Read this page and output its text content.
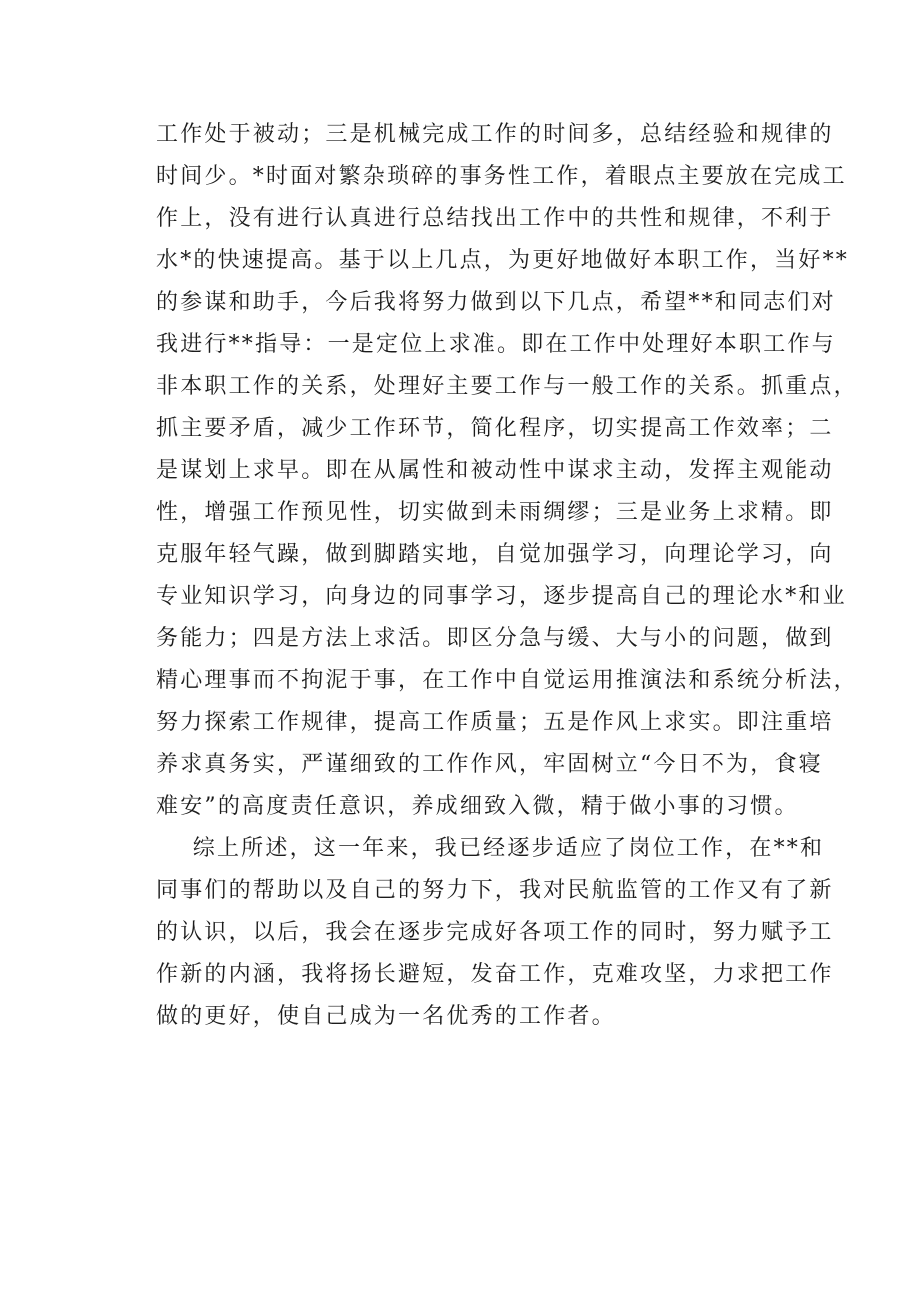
工作处于被动；三是机械完成工作的时间多，总结经验和规律的
时间少。*时面对繁杂琐碎的事务性工作，着眼点主要放在完成工
作上，没有进行认真进行总结找出工作中的共性和规律，不利于
水*的快速提高。基于以上几点，为更好地做好本职工作，当好**
的参谋和助手，今后我将努力做到以下几点，希望**和同志们对
我进行**指导：一是定位上求准。即在工作中处理好本职工作与
非本职工作的关系，处理好主要工作与一般工作的关系。抓重点，
抓主要矛盾，减少工作环节，简化程序，切实提高工作效率；二
是谋划上求早。即在从属性和被动性中谋求主动，发挥主观能动
性，增强工作预见性，切实做到未雨绸缪；三是业务上求精。即
克服年轻气躁，做到脚踏实地，自觉加强学习，向理论学习，向
专业知识学习，向身边的同事学习，逐步提高自己的理论水*和业
务能力；四是方法上求活。即区分急与缓、大与小的问题，做到
精心理事而不拘泥于事，在工作中自觉运用推演法和系统分析法，
努力探索工作规律，提高工作质量；五是作风上求实。即注重培
养求真务实，严谨细致的工作作风，牢固树立“今日不为，食寝
难安”的高度责任意识，养成细致入微，精于做小事的习惯。
综上所述，这一年来，我已经逐步适应了岗位工作，在**和
同事们的帮助以及自己的努力下，我对民航监管的工作又有了新
的认识，以后，我会在逐步完成好各项工作的同时，努力赋予工
作新的内涵，我将扬长避短，发奋工作，克难攻坚，力求把工作
做的更好，使自己成为一名优秀的工作者。
